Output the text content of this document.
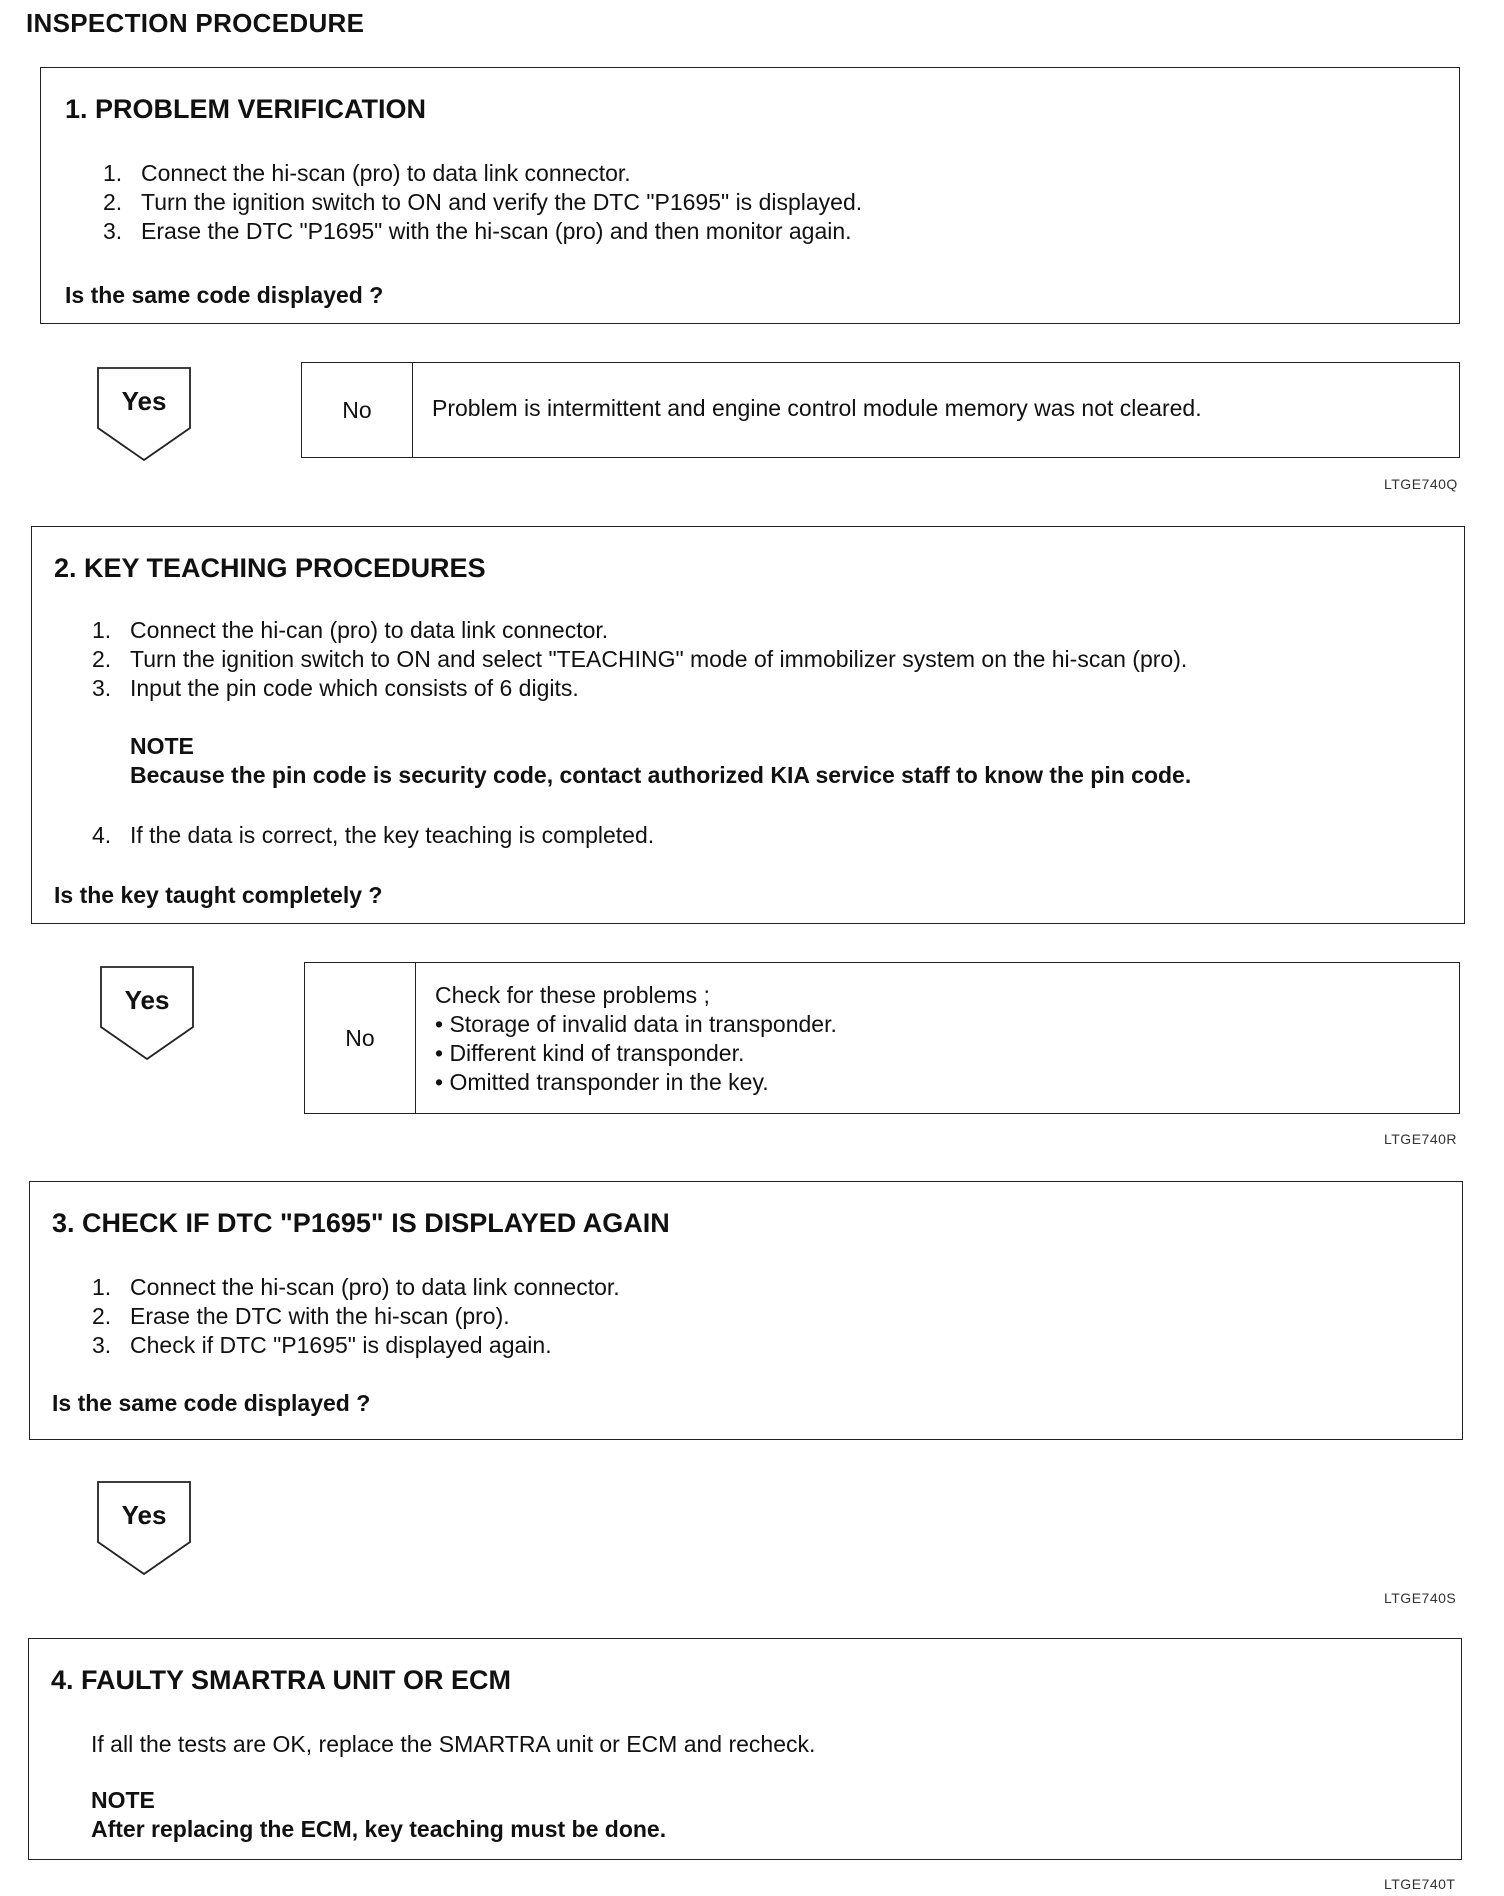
INSPECTION PROCEDURE
1. PROBLEM VERIFICATION
1. Connect the hi-scan (pro) to data link connector.
2. Turn the ignition switch to ON and verify the DTC "P1695" is displayed.
3. Erase the DTC "P1695" with the hi-scan (pro) and then monitor again.
Is the same code displayed ?
Yes	No	Problem is intermittent and engine control module memory was not cleared.
LTGE740Q
2. KEY TEACHING PROCEDURES
1. Connect the hi-can (pro) to data link connector.
2. Turn the ignition switch to ON and select "TEACHING" mode of immobilizer system on the hi-scan (pro).
3. Input the pin code which consists of 6 digits.
NOTE
Because the pin code is security code, contact authorized KIA service staff to know the pin code.
4. If the data is correct, the key teaching is completed.
Is the key taught completely ?
Yes
No
Check for these problems ;
• Storage of invalid data in transponder.
• Different kind of transponder.
• Omitted transponder in the key.
LTGE740R
3. CHECK IF DTC "P1695" IS DISPLAYED AGAIN
1. Connect the hi-scan (pro) to data link connector.
2. Erase the DTC with the hi-scan (pro).
3. Check if DTC "P1695" is displayed again.
Is the same code displayed ?
Yes
LTGE740S
4. FAULTY SMARTRA UNIT OR ECM
If all the tests are OK, replace the SMARTRA unit or ECM and recheck.
NOTE
After replacing the ECM, key teaching must be done.
LTGE740T
